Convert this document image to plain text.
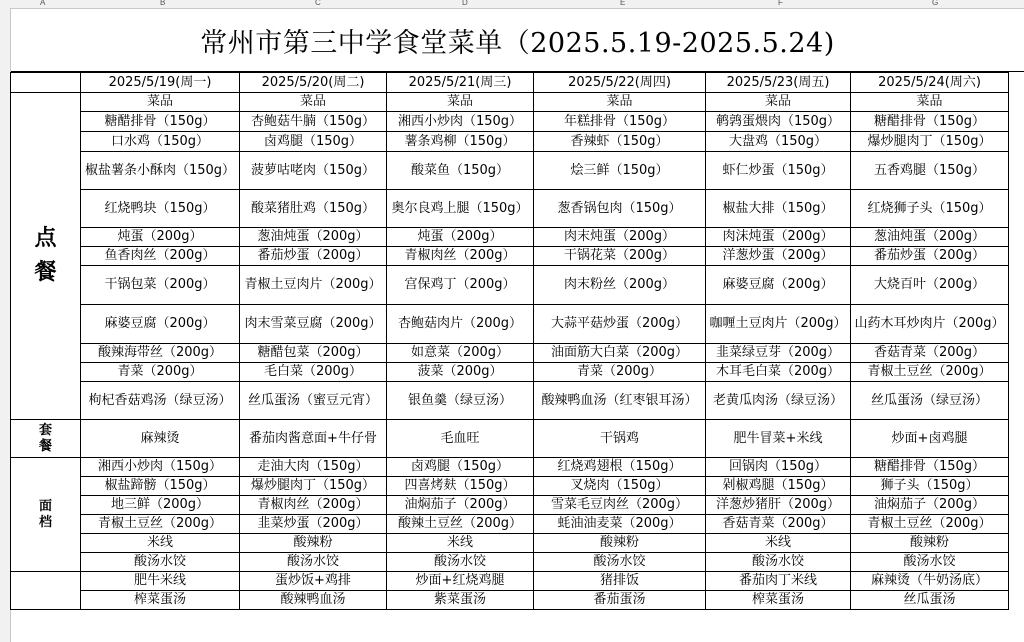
A	B	C	D	E	F	G
常州市第三中学食堂菜单（2025.5.19-2025.5.24)
	2025/5/19(周一)	2025/5/20(周二)	2025/5/21(周三)	2025/5/22(周四)	2025/5/23(周五)	2025/5/24(周六)
点
餐	菜品	菜品	菜品	菜品	菜品	菜品
	糖醋排骨（150g）	杏鲍菇牛腩（150g）	湘西小炒肉（150g）	年糕排骨（150g）	鹌鹑蛋煨肉（150g）	糖醋排骨（150g）
	口水鸡（150g）	卤鸡腿（150g）	薯条鸡柳（150g）	香辣虾（150g）	大盘鸡（150g）	爆炒腿肉丁（150g）
	椒盐薯条小酥肉（150g）	菠萝咕咾肉（150g）	酸菜鱼（150g）	烩三鲜（150g）	虾仁炒蛋（150g）	五香鸡腿（150g）
	红烧鸭块（150g）	酸菜猪肚鸡（150g）	奥尔良鸡上腿（150g）	葱香锅包肉（150g）	椒盐大排（150g）	红烧狮子头（150g）
	炖蛋（200g）	葱油炖蛋（200g）	炖蛋（200g）	肉末炖蛋（200g）	肉沫炖蛋（200g）	葱油炖蛋（200g）
	鱼香肉丝（200g）	番茄炒蛋（200g）	青椒肉丝（200g）	干锅花菜（200g）	洋葱炒蛋（200g）	番茄炒蛋（200g）
	干锅包菜（200g）	青椒土豆肉片（200g）	宫保鸡丁（200g）	肉末粉丝（200g）	麻婆豆腐（200g）	大烧百叶（200g）
	麻婆豆腐（200g）	肉末雪菜豆腐（200g）	杏鲍菇肉片（200g）	大蒜平菇炒蛋（200g）	咖喱土豆肉片（200g）	山药木耳炒肉片（200g）
	酸辣海带丝（200g）	糖醋包菜（200g）	如意菜（200g）	油面筋大白菜（200g）	韭菜绿豆芽（200g）	香菇青菜（200g）
	青菜（200g）	毛白菜（200g）	菠菜（200g）	青菜（200g）	木耳毛白菜（200g）	青椒土豆丝（200g）
	枸杞香菇鸡汤（绿豆汤）	丝瓜蛋汤（蜜豆元宵）	银鱼羹（绿豆汤）	酸辣鸭血汤（红枣银耳汤）	老黄瓜肉汤（绿豆汤）	丝瓜蛋汤（绿豆汤）
套
餐	麻辣烫	番茄肉酱意面+牛仔骨	毛血旺	干锅鸡	肥牛冒菜+米线	炒面+卤鸡腿
面
档	湘西小炒肉（150g）	走油大肉（150g）	卤鸡腿（150g）	红烧鸡翅根（150g）	回锅肉（150g）	糖醋排骨（150g）
	椒盐蹄髈（150g）	爆炒腿肉丁（150g）	四喜烤麸（150g）	叉烧肉（150g）	剁椒鸡腿（150g）	狮子头（150g）
	地三鲜（200g）	青椒肉丝（200g）	油焖茄子（200g）	雪菜毛豆肉丝（200g）	洋葱炒猪肝（200g）	油焖茄子（200g）
	青椒土豆丝（200g）	韭菜炒蛋（200g）	酸辣土豆丝（200g）	蚝油油麦菜（200g）	香菇青菜（200g）	青椒土豆丝（200g）
	米线	酸辣粉	米线	酸辣粉	米线	酸辣粉
	酸汤水饺	酸汤水饺	酸汤水饺	酸汤水饺	酸汤水饺	酸汤水饺
	肥牛米线	蛋炒饭+鸡排	炒面+红烧鸡腿	猪排饭	番茄肉丁米线	麻辣烫（牛奶汤底）
	榨菜蛋汤	酸辣鸭血汤	紫菜蛋汤	番茄蛋汤	榨菜蛋汤	丝瓜蛋汤
